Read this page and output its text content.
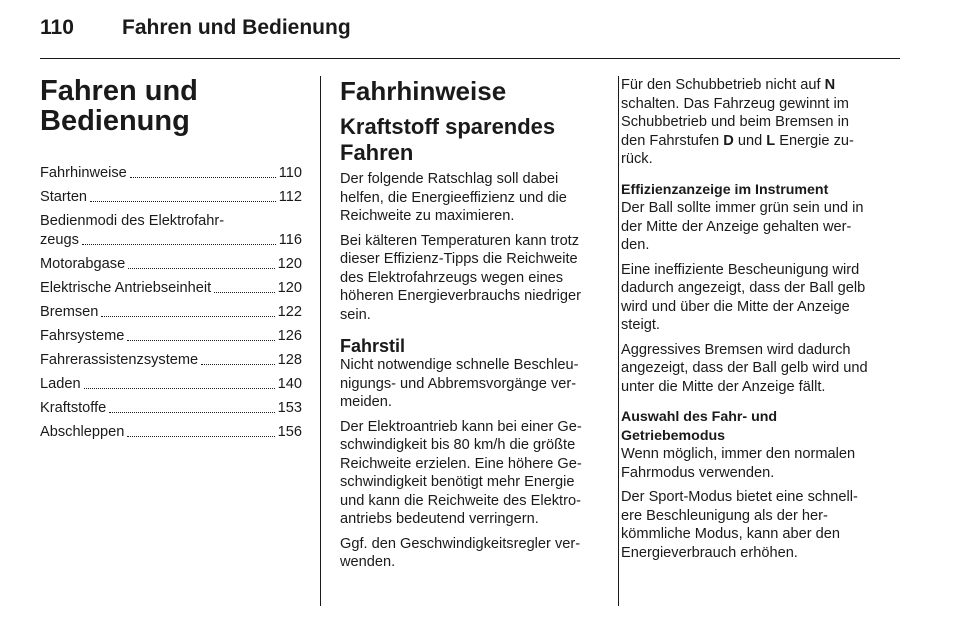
110 Fahren und Bedienung
Fahren und
Bedienung
Fahrhinweise	110
Starten	112
Bedienmodi des Elektrofahr-
zeugs	116
Motorabgase	120
Elektrische Antriebseinheit	120
Bremsen	122
Fahrsysteme	126
Fahrerassistenzsysteme	128
Laden	140
Kraftstoffe	153
Abschleppen	156
Fahrhinweise
Kraftstoff sparendes
Fahren

Der folgende Ratschlag soll dabei
helfen, die Energieeffizienz und die
Reichweite zu maximieren.

Bei kälteren Temperaturen kann trotz
dieser Effizienz-Tipps die Reichweite
des Elektrofahrzeugs wegen eines
höheren Energieverbrauchs niedriger
sein.

Fahrstil

Nicht notwendige schnelle Beschleu-
nigungs- und Abbremsvorgänge ver-
meiden.

Der Elektroantrieb kann bei einer Ge-
schwindigkeit bis 80 km/h die größte
Reichweite erzielen. Eine höhere Ge-
schwindigkeit benötigt mehr Energie
und kann die Reichweite des Elektro-
antriebs bedeutend verringern.

Ggf. den Geschwindigkeitsregler ver-
wenden.

Für den Schubbetrieb nicht auf N
schalten. Das Fahrzeug gewinnt im
Schubbetrieb und beim Bremsen in
den Fahrstufen D und L Energie zu-
rück.

Effizienzanzeige im Instrument

Der Ball sollte immer grün sein und in
der Mitte der Anzeige gehalten wer-
den.

Eine ineffiziente Bescheunigung wird
dadurch angezeigt, dass der Ball gelb
wird und über die Mitte der Anzeige
steigt.

Aggressives Bremsen wird dadurch
angezeigt, dass der Ball gelb wird und
unter die Mitte der Anzeige fällt.

Auswahl des Fahr- und
Getriebemodus

Wenn möglich, immer den normalen
Fahrmodus verwenden.

Der Sport-Modus bietet eine schnell-
ere Beschleunigung als der her-
kömmliche Modus, kann aber den
Energieverbrauch erhöhen.
